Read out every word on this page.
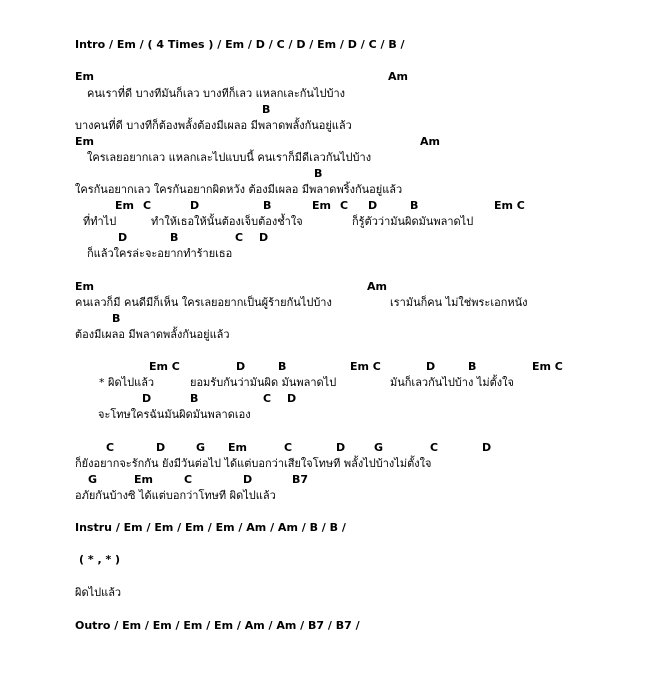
Intro / Em / ( 4 Times ) / Em / D / C / D / Em / D / C / B /
Em	Am
คนเราที่ดี บางทีมันก็เลว บางทีก็เลว แหลกเละกันไปบ้าง
B
บางคนที่ดี บางทีก็ต้องพลั้งต้องมีเผลอ มีพลาดพลั้งกันอยู่แล้ว
Em	Am
ใครเลยอยากเลว แหลกเละไปแบบนี้ คนเราก็มีดีเลวกันไปบ้าง
B
ใครกันอยากเลว ใครกันอยากผิดหวัง ต้องมีเผลอ มีพลาดพริ้งกันอยู่แล้ว
Em C	D	B	Em C D	B	Em C
ที่ทำไป	ทำให้เธอให้นั้นต้องเจ็บต้องช้ำใจ	ก็รู้ตัวว่ามันผิดมันพลาดไป
D	B	C D
ก็แล้วใครล่ะจะอยากทำร้ายเธอ
Em	Am
คนเลวก็มี คนดีมีก็เห็น ใครเลยอยากเป็นผู้ร้ายกันไปบ้าง	เรามันก็คน ไม่ใช่พระเอกหนัง
B
ต้องมีเผลอ มีพลาดพลั้งกันอยู่แล้ว
Em C	D	B	Em C	D	B	Em C
* ผิดไปแล้ว	ยอมรับกันว่ามันผิด มันพลาดไป	มันก็เลวกันไปบ้าง ไม่ตั้งใจ
D	B	C D
จะโทษใครฉันมันผิดมันพลาดเอง
C	D	G Em	C	D	G	C	D
ก็ยังอยากจะรักกัน ยังมีวันต่อไป ได้แต่บอกว่าเสียใจโทษที พลั้งไปบ้างไม่ตั้งใจ
G	Em	C	D	B7
อภัยกันบ้างซิ ได้แต่บอกว่าโทษที ผิดไปแล้ว
Instru / Em / Em / Em / Em / Am / Am / B / B /
( * , * )
ผิดไปแล้ว
Outro / Em / Em / Em / Em / Am / Am / B7 / B7 /
